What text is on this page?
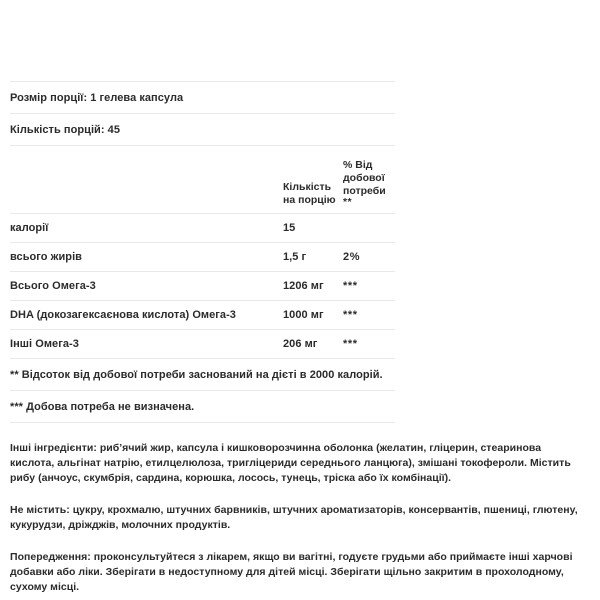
Розмір порції: 1 гелева капсула
Кількість порцій: 45
	Кількість на порцію	% Від добової потреби
**

калорії	15	
всього жирів	1,5 г	2%
Всього Омега-3	1206 мг	***
DHA (докозагексаєнова кислота) Омега-3	1000 мг	***
Інші Омега-3	206 мг	***
** Відсоток від добової потреби заснований на дієті в 2000 калорій.
*** Добова потреба не визначена.

Інші інгредієнти: риб’ячий жир, капсула і кишковорозчинна оболонка (желатин, гліцерин, стеаринова кислота, альгінат натрію, етилцелюлоза, тригліцериди середнього ланцюга), змішані токофероли. Містить рибу (анчоус, скумбрія, сардина, корюшка, лосось, тунець, тріска або їх комбінації).

Не містить: цукру, крохмалю, штучних барвників, штучних ароматизаторів, консервантів, пшениці, глютену, кукурудзи, дріжджів, молочних продуктів.

Попередження: проконсультуйтеся з лікарем, якщо ви вагітні, годуєте грудьми або приймаєте інші харчові добавки або ліки. Зберігати в недоступному для дітей місці. Зберігати щільно закритим в прохолодному, сухому місці.
